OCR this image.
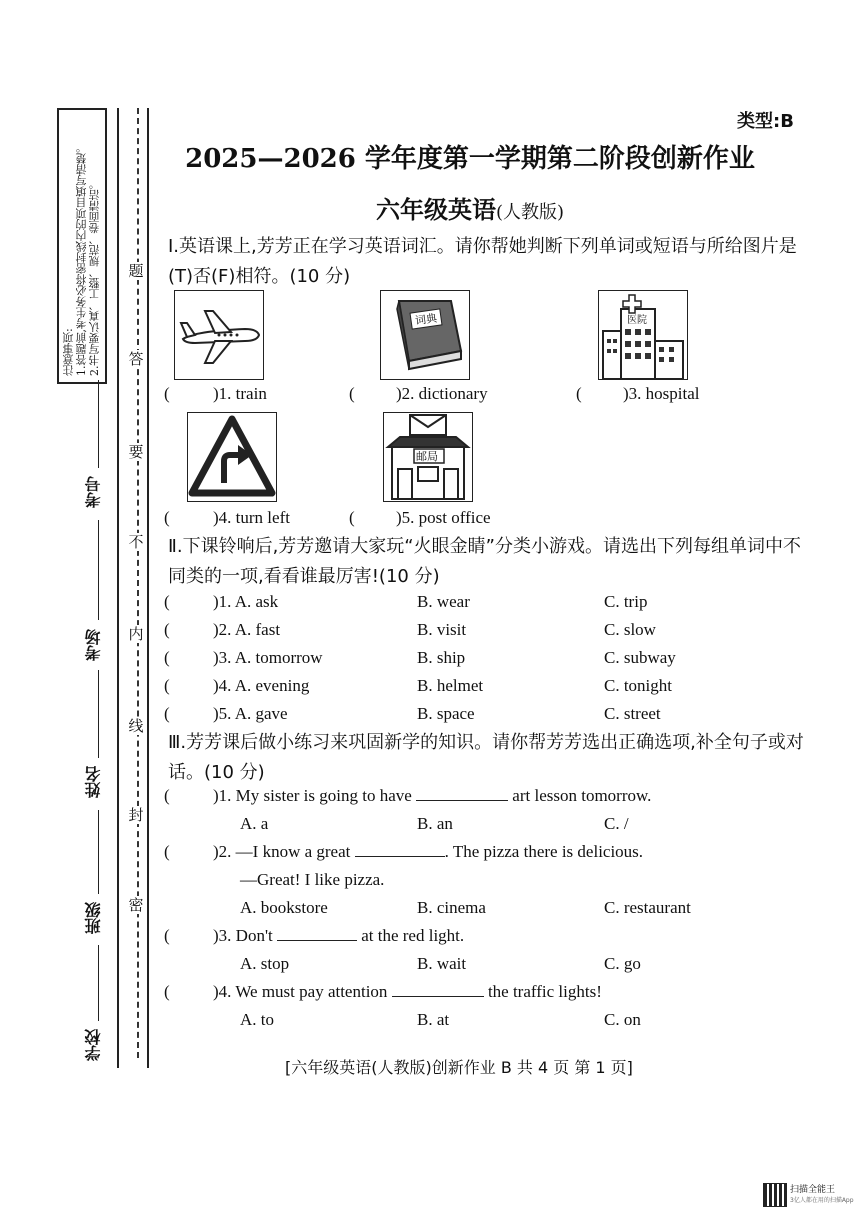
注意事项:
1.答题前,考生务必将密封线内的项目填写清楚。
2.书写要认真、工整、规范、卷面清洁。 题
答
要
不
内
线
封
密
考号
考场
姓名
班级
学校
类型:B
2025—2026 学年度第一学期第二阶段创新作业
六年级英语(人教版)
Ⅰ.英语课上,芳芳正在学习英语词汇。请你帮她判断下列单词或短语与所给图片是(T)否(F)相符。(10 分)
词典	医院
(	)1. train	( )2. dictionary	( )3. hospital
邮局
(	)4. turn left	( )5. post office
Ⅱ.下课铃响后,芳芳邀请大家玩“火眼金睛”分类小游戏。请选出下列每组单词中不同类的一项,看看谁最厉害!(10 分)
(	)1. A. ask	B. wear	C. trip
(	)2. A. fast	B. visit	C. slow
(	)3. A. tomorrow	B. ship	C. subway
(	)4. A. evening	B. helmet	C. tonight
(	)5. A. gave	B. space	C. street
Ⅲ.芳芳课后做小练习来巩固新学的知识。请你帮芳芳选出正确选项,补全句子或对话。(10 分)
(	)1. My sister is going to have	art lesson tomorrow.
A. a	B. an	C. /
(	)2. —I know a great	. The pizza there is delicious.
—Great! I like pizza.
A. bookstore	B. cinema	C. restaurant
(	)3. Don't	at the red light.
A. stop	B. wait	C. go
(	)4. We must pay attention	the traffic lights!
A. to	B. at	C. on
[六年级英语(人教版)创新作业 B 共 4 页 第 1 页]
扫描全能王
3亿人都在用的扫描App
